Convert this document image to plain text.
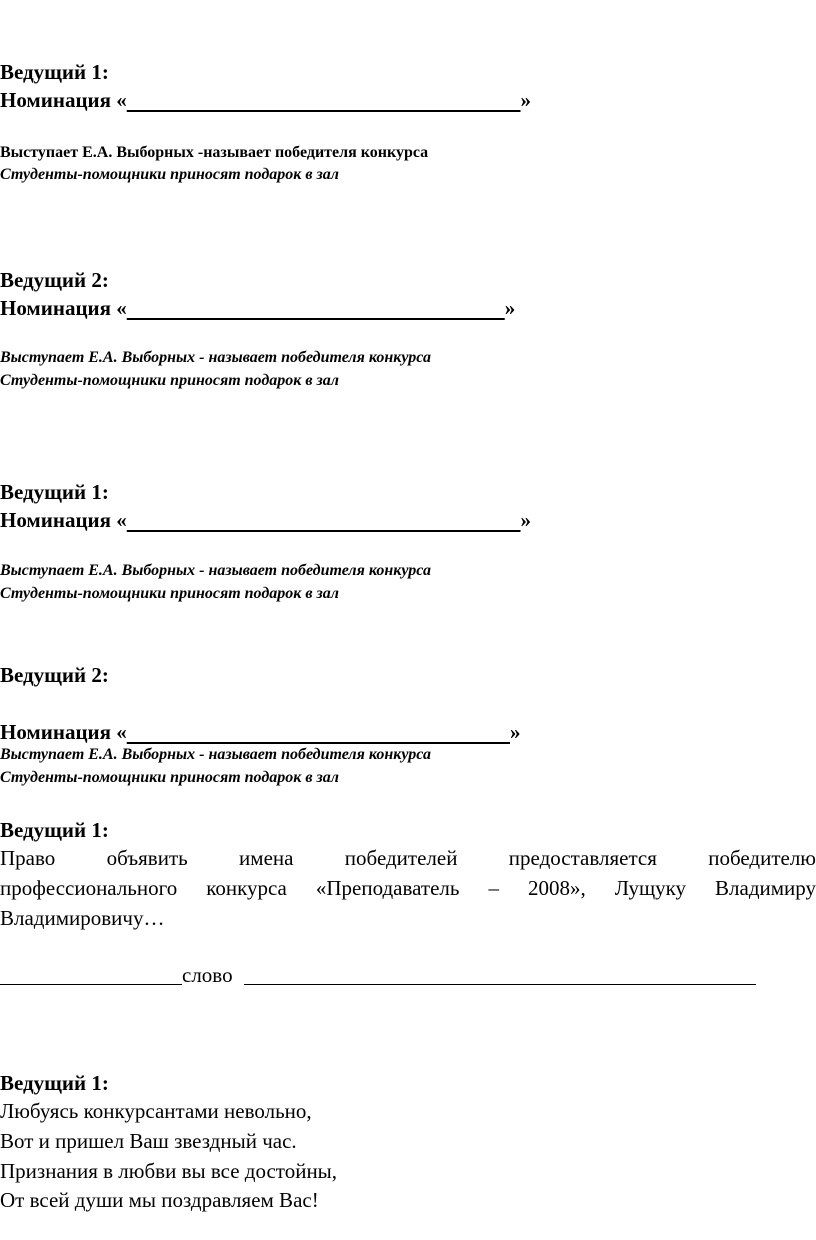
Ведущий 1:
Номинация «	»
Выступает Е.А. Выборных -называет победителя конкурса
Студенты-помощники приносят подарок в зал
Ведущий 2:
Номинация «	»
Выступает Е.А. Выборных - называет победителя конкурса
Студенты-помощники приносят подарок в зал
Ведущий 1:
Номинация «	»
Выступает Е.А. Выборных - называет победителя конкурса
Студенты-помощники приносят подарок в зал
Ведущий 2:
Номинация «	»
Выступает Е.А. Выборных - называет победителя конкурса
Студенты-помощники приносят подарок в зал
Ведущий 1:
Право объявить имена победителей предоставляется победителю
профессионального конкурса «Преподаватель – 2008», Лущуку Владимиру
Владимировичу…
слово
Ведущий 1:
Любуясь конкурсантами невольно,
Вот и пришел Ваш звездный час.
Признания в любви вы все достойны,
От всей души мы поздравляем Вас!
